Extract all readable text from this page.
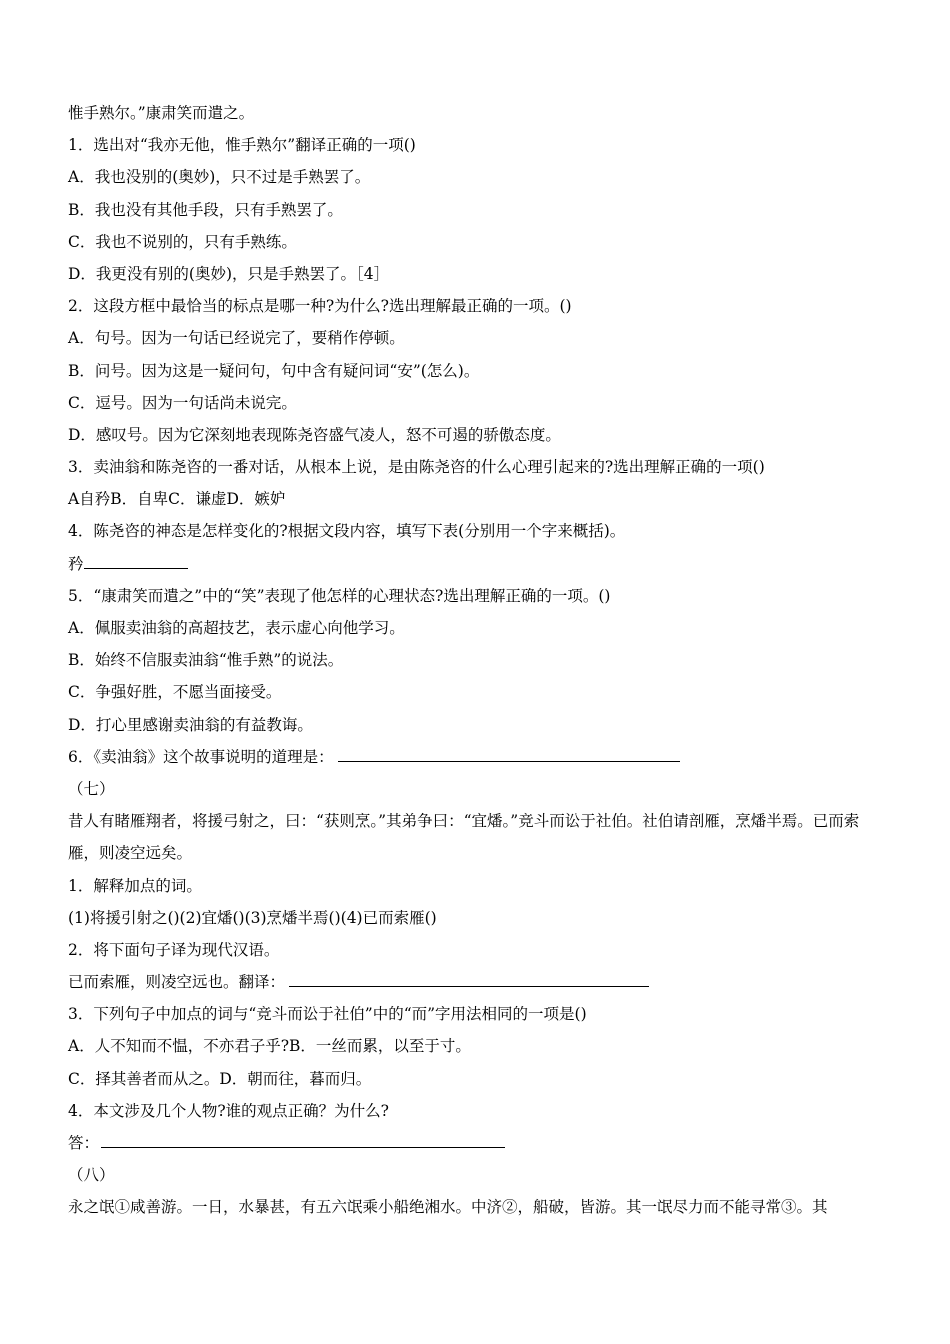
惟手熟尔。”康肃笑而遣之。
1．选出对“我亦无他，惟手熟尔”翻译正确的一项()
A．我也没别的(奥妙)，只不过是手熟罢了。
B．我也没有其他手段，只有手熟罢了。
C．我也不说别的，只有手熟练。
D．我更没有别的(奥妙)，只是手熟罢了。［4］
2．这段方框中最恰当的标点是哪一种?为什么?选出理解最正确的一项。()
A．句号。因为一句话已经说完了，要稍作停顿。
B．问号。因为这是一疑问句，句中含有疑问词“安”(怎么)。
C．逗号。因为一句话尚未说完。
D．感叹号。因为它深刻地表现陈尧咨盛气凌人，怒不可遏的骄傲态度。
3．卖油翁和陈尧咨的一番对话，从根本上说，是由陈尧咨的什么心理引起来的?选出理解正确的一项()
A自矜B．自卑C．谦虚D．嫉妒
4．陈尧咨的神态是怎样变化的?根据文段内容，填写下表(分别用一个字来概括)。
矜
5．“康肃笑而遣之”中的“笑”表现了他怎样的心理状态?选出理解正确的一项。()
A．佩服卖油翁的高超技艺，表示虚心向他学习。
B．始终不信服卖油翁“惟手熟”的说法。
C．争强好胜，不愿当面接受。
D．打心里感谢卖油翁的有益教诲。
6．《卖油翁》这个故事说明的道理是：
（七）
昔人有睹雁翔者，将援弓射之，曰：“获则烹。”其弟争曰：“宜燔。”竞斗而讼于社伯。社伯请剖雁，烹燔半焉。已而索雁，则凌空远矣。
1．解释加点的词。
(1)将援引射之()(2)宜燔()(3)烹燔半焉()(4)已而索雁()
2．将下面句子译为现代汉语。
已而索雁，则凌空远也。翻译：
3．下列句子中加点的词与“竞斗而讼于社伯”中的“而”字用法相同的一项是()
A．人不知而不愠，不亦君子乎?B．一丝而累，以至于寸。
C．择其善者而从之。D．朝而往，暮而归。
4．本文涉及几个人物?谁的观点正确？为什么?
答：
（八）
永之氓①咸善游。一日，水暴甚，有五六氓乘小船绝湘水。中济②，船破，皆游。其一氓尽力而不能寻常③。其
